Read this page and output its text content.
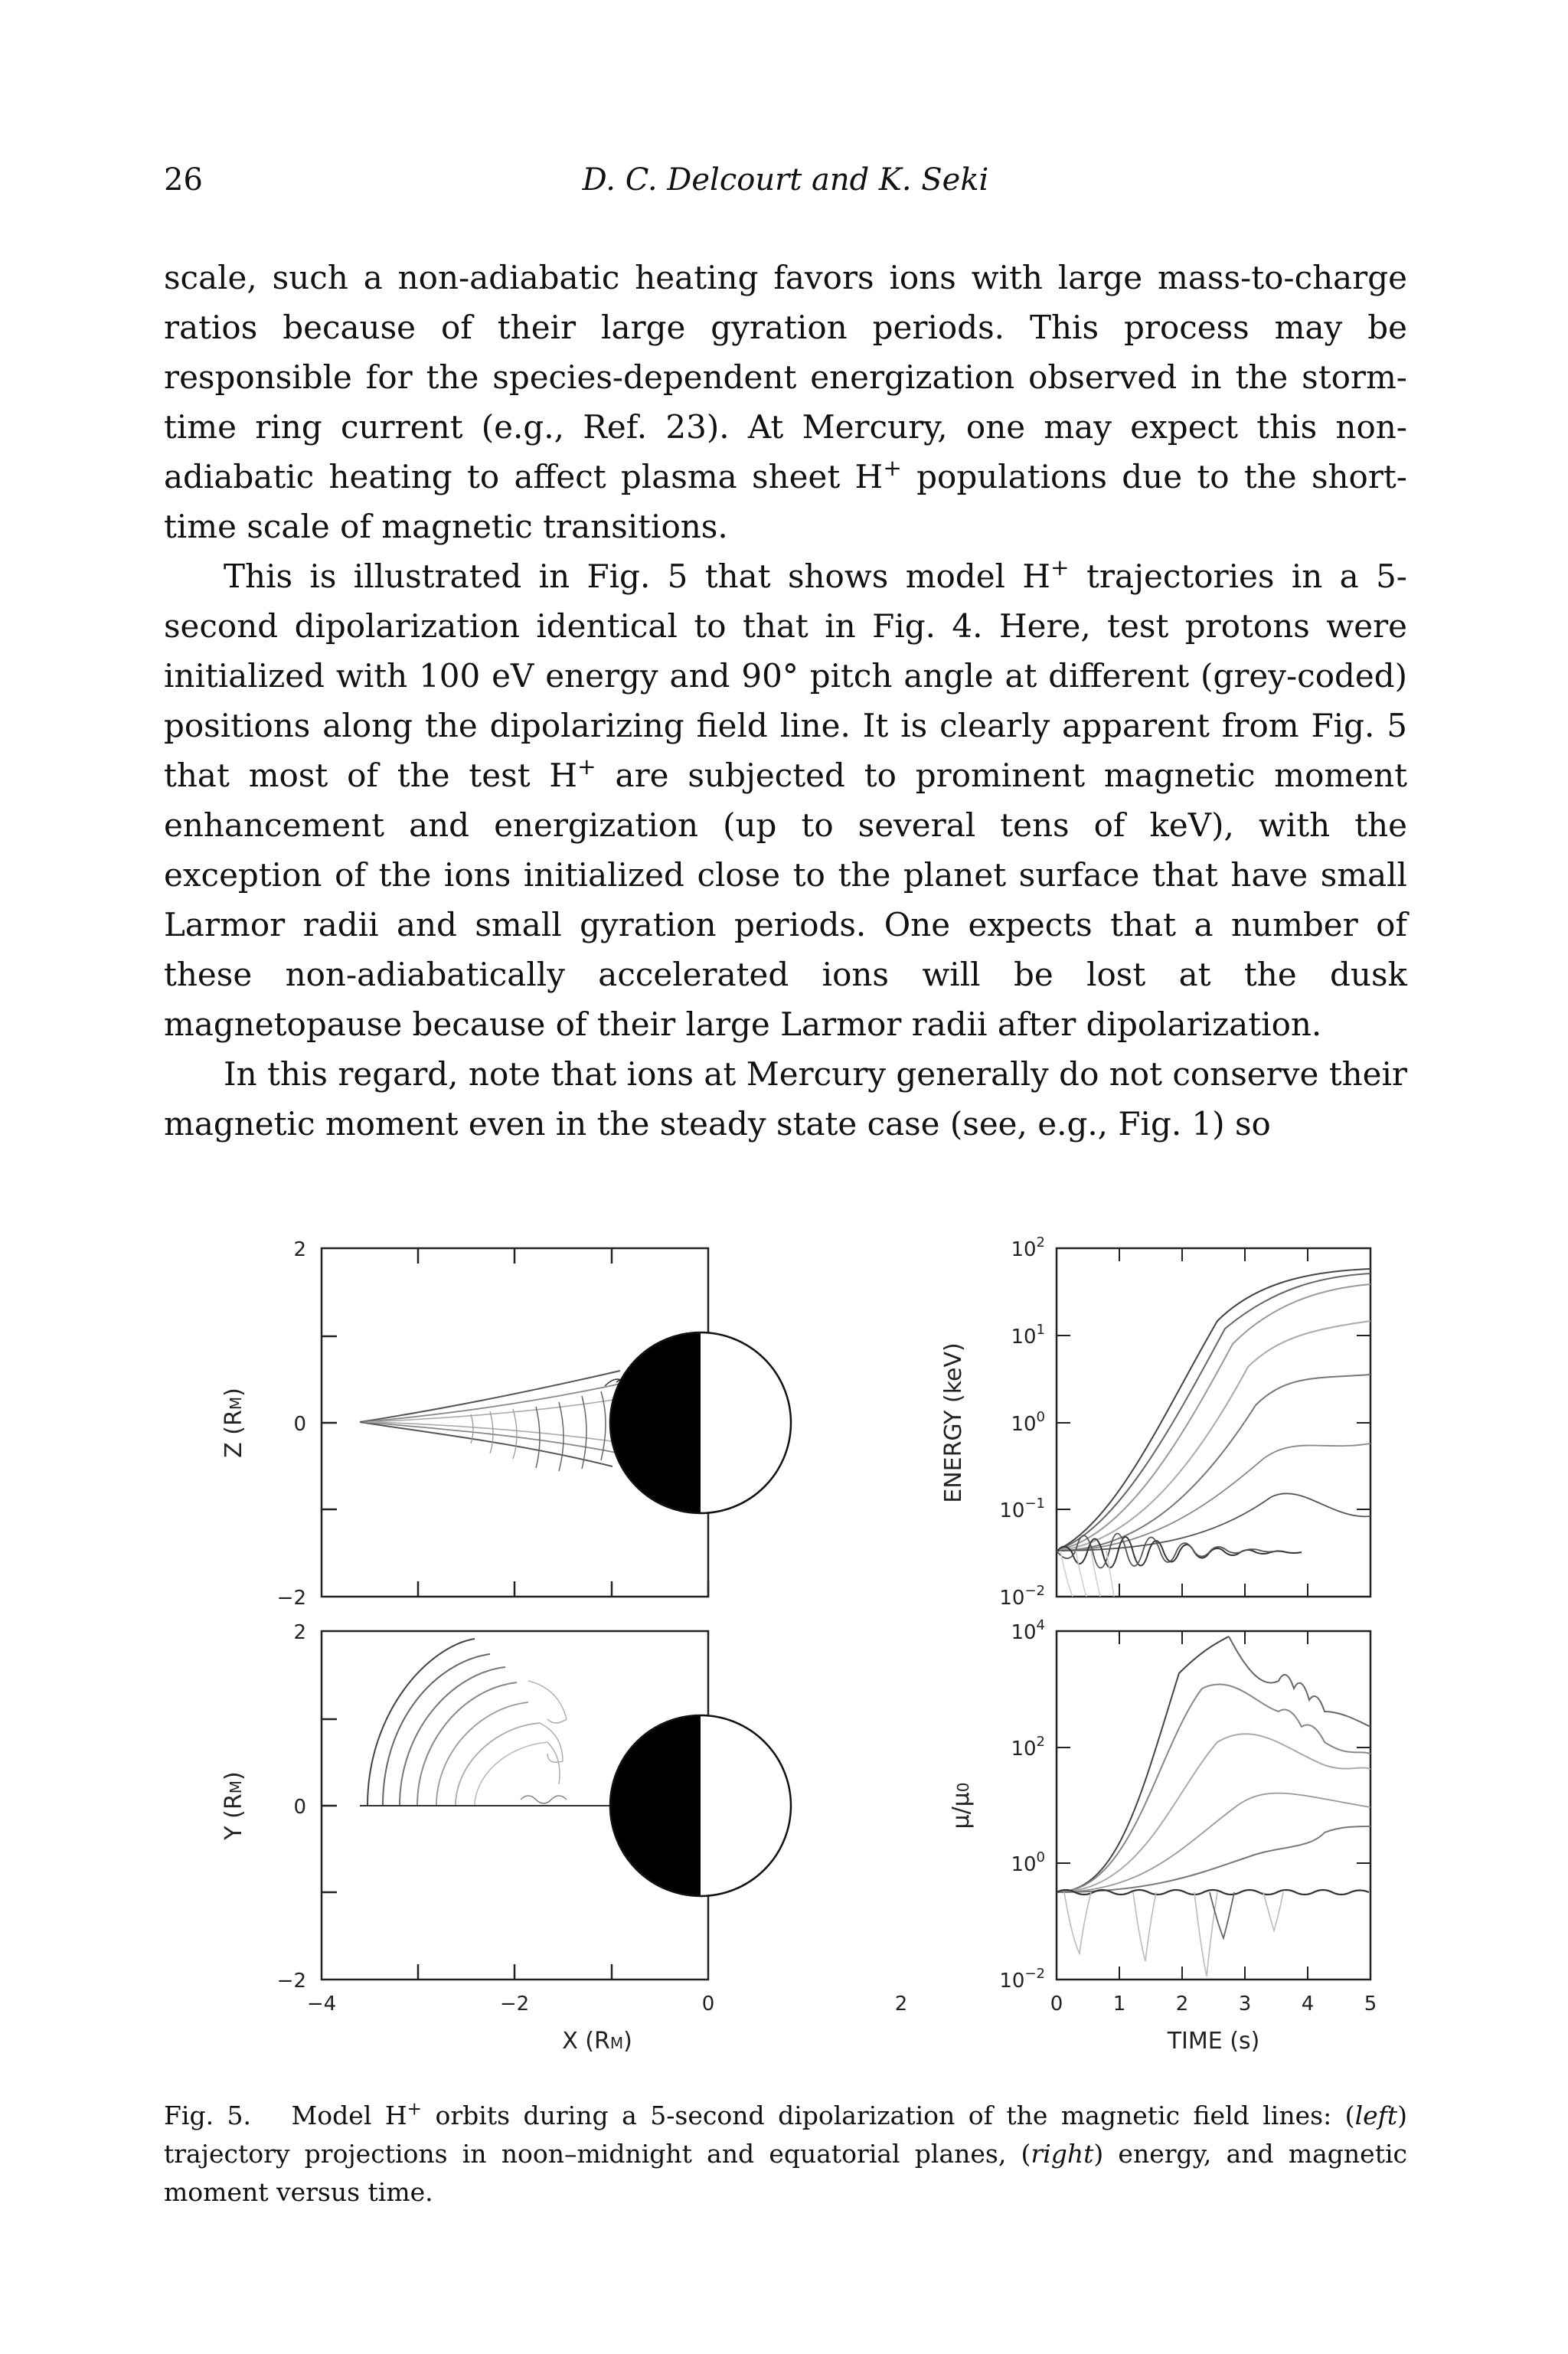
26	D. C. Delcourt and K. Seki

scale, such a non-adiabatic heating favors ions with large mass-to-charge ratios because of their large gyration periods. This process may be responsible for the species-dependent energization observed in the storm-time ring current (e.g., Ref. 23). At Mercury, one may expect this non-adiabatic heating to affect plasma sheet H+ populations due to the short-time scale of magnetic transitions.

This is illustrated in Fig. 5 that shows model H+ trajectories in a 5-second dipolarization identical to that in Fig. 4. Here, test protons were initialized with 100 eV energy and 90° pitch angle at different (grey-coded) positions along the dipolarizing field line. It is clearly apparent from Fig. 5 that most of the test H+ are subjected to prominent magnetic moment enhancement and energization (up to several tens of keV), with the exception of the ions initialized close to the planet surface that have small Larmor radii and small gyration periods. One expects that a number of these non-adiabatically accelerated ions will be lost at the dusk magnetopause because of their large Larmor radii after dipolarization.

In this regard, note that ions at Mercury generally do not conserve their magnetic moment even in the steady state case (see, e.g., Fig. 1) so

2
0
−2
Z (RM)
2
0
−2
Y (RM)
−4	−2	0	2
X (RM)
$10^2$
$10^1$
$10^0$
$10^{-1}$
$10^{-2}$
ENERGY (keV)
$10^4$
$10^2$
$10^0$
$10^{-2}$
μ/μ0
0	1	2	3	4	5
TIME (s)

Fig. 5. Model H+ orbits during a 5-second dipolarization of the magnetic field lines: (left) trajectory projections in noon–midnight and equatorial planes, (right) energy, and magnetic moment versus time.
